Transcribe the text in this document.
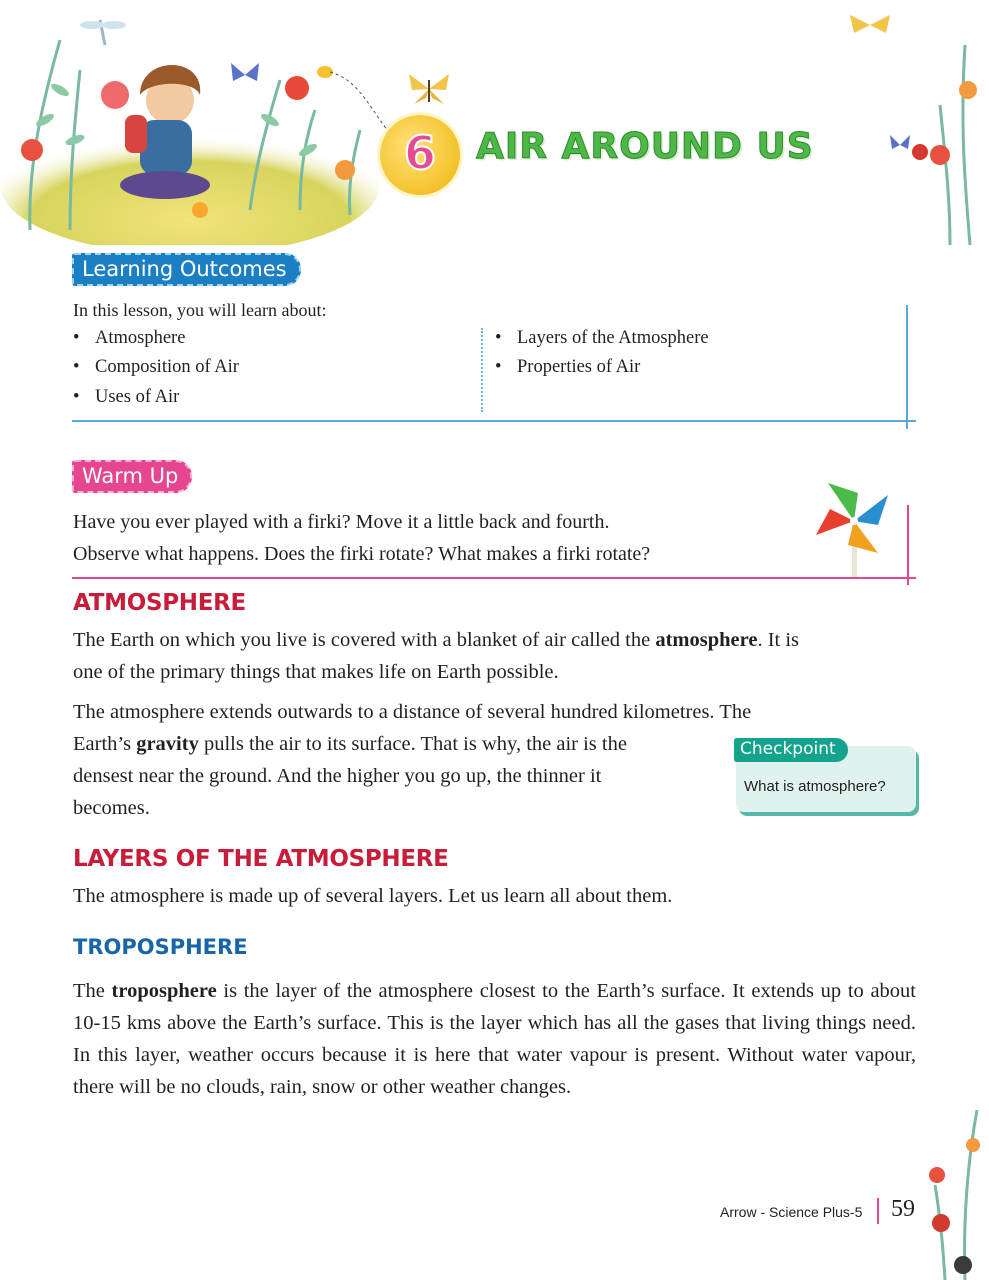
6 AIR AROUND US
Learning Outcomes
In this lesson, you will learn about:
• Atmosphere
• Composition of Air
• Uses of Air
• Layers of the Atmosphere
• Properties of Air
Warm Up
Have you ever played with a firki? Move it a little back and fourth.
Observe what happens. Does the firki rotate? What makes a firki rotate?
ATMOSPHERE
The Earth on which you live is covered with a blanket of air called the atmosphere. It is
one of the primary things that makes life on Earth possible.
The atmosphere extends outwards to a distance of several hundred kilometres. The
Earth’s gravity pulls the air to its surface. That is why, the air is the
densest near the ground. And the higher you go up, the thinner it
becomes.
Checkpoint
What is atmosphere?
LAYERS OF THE ATMOSPHERE
The atmosphere is made up of several layers. Let us learn all about them.
TROPOSPHERE
The troposphere is the layer of the atmosphere closest to the Earth’s surface. It extends up to about 10-15 kms above the Earth’s surface. This is the layer which has all the gases that living things need. In this layer, weather occurs because it is here that water vapour is present. Without water vapour, there will be no clouds, rain, snow or other weather changes.
Arrow - Science Plus-5 59
